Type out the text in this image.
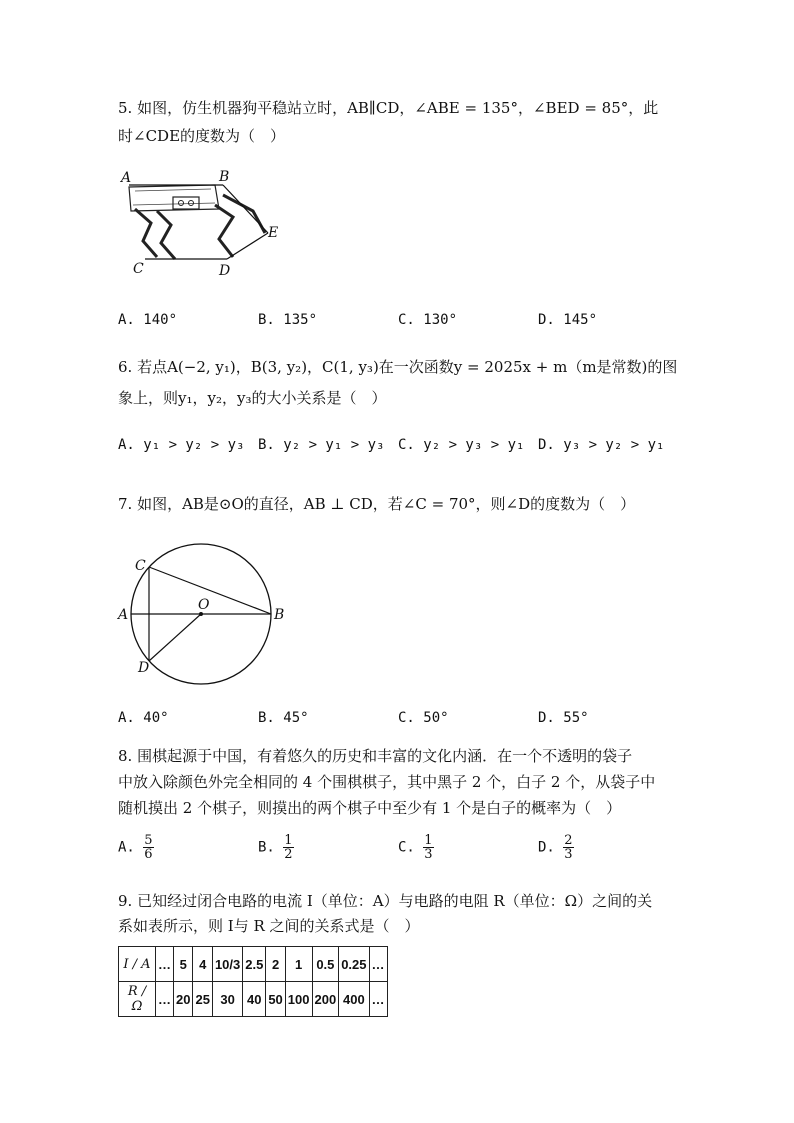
5. 如图，仿生机器狗平稳站立时，AB∥CD，∠ABE = 135°，∠BED = 85°，此
时∠CDE的度数为（　）
A	B
C	D
E
A. 140°	B. 135°	C. 130°	D. 145°
6. 若点A(−2, y₁)，B(3, y₂)，C(1, y₃)在一次函数y = 2025x + m（m是常数)的图
象上，则y₁，y₂，y₃的大小关系是（　）
A. y₁ > y₂ > y₃ B. y₂ > y₁ > y₃ C. y₂ > y₃ > y₁ D. y₃ > y₂ > y₁
7. 如图，AB是⊙O的直径，AB ⊥ CD，若∠C = 70°，则∠D的度数为（　）
C
A
O
B
D
A. 40°	B. 45°	C. 50°	D. 55°
8. 围棋起源于中国，有着悠久的历史和丰富的文化内涵．在一个不透明的袋子
中放入除颜色外完全相同的 4 个围棋棋子，其中黑子 2 个，白子 2 个，从袋子中
随机摸出 2 个棋子，则摸出的两个棋子中至少有 1 个是白子的概率为（　）
A. $\frac{5}{6}$	B. $\frac{1}{2}$	C. $\frac{1}{3}$	D. $\frac{2}{3}$
9. 已知经过闭合电路的电流 I（单位：A）与电路的电阻 R（单位：Ω）之间的关
系如表所示，则 I与 R 之间的关系式是（　）
I / A	…	5	4	10/3	2.5	2	1	0.5	0.25	…
R / Ω	…	20	25	30	40	50	100	200	400	…
